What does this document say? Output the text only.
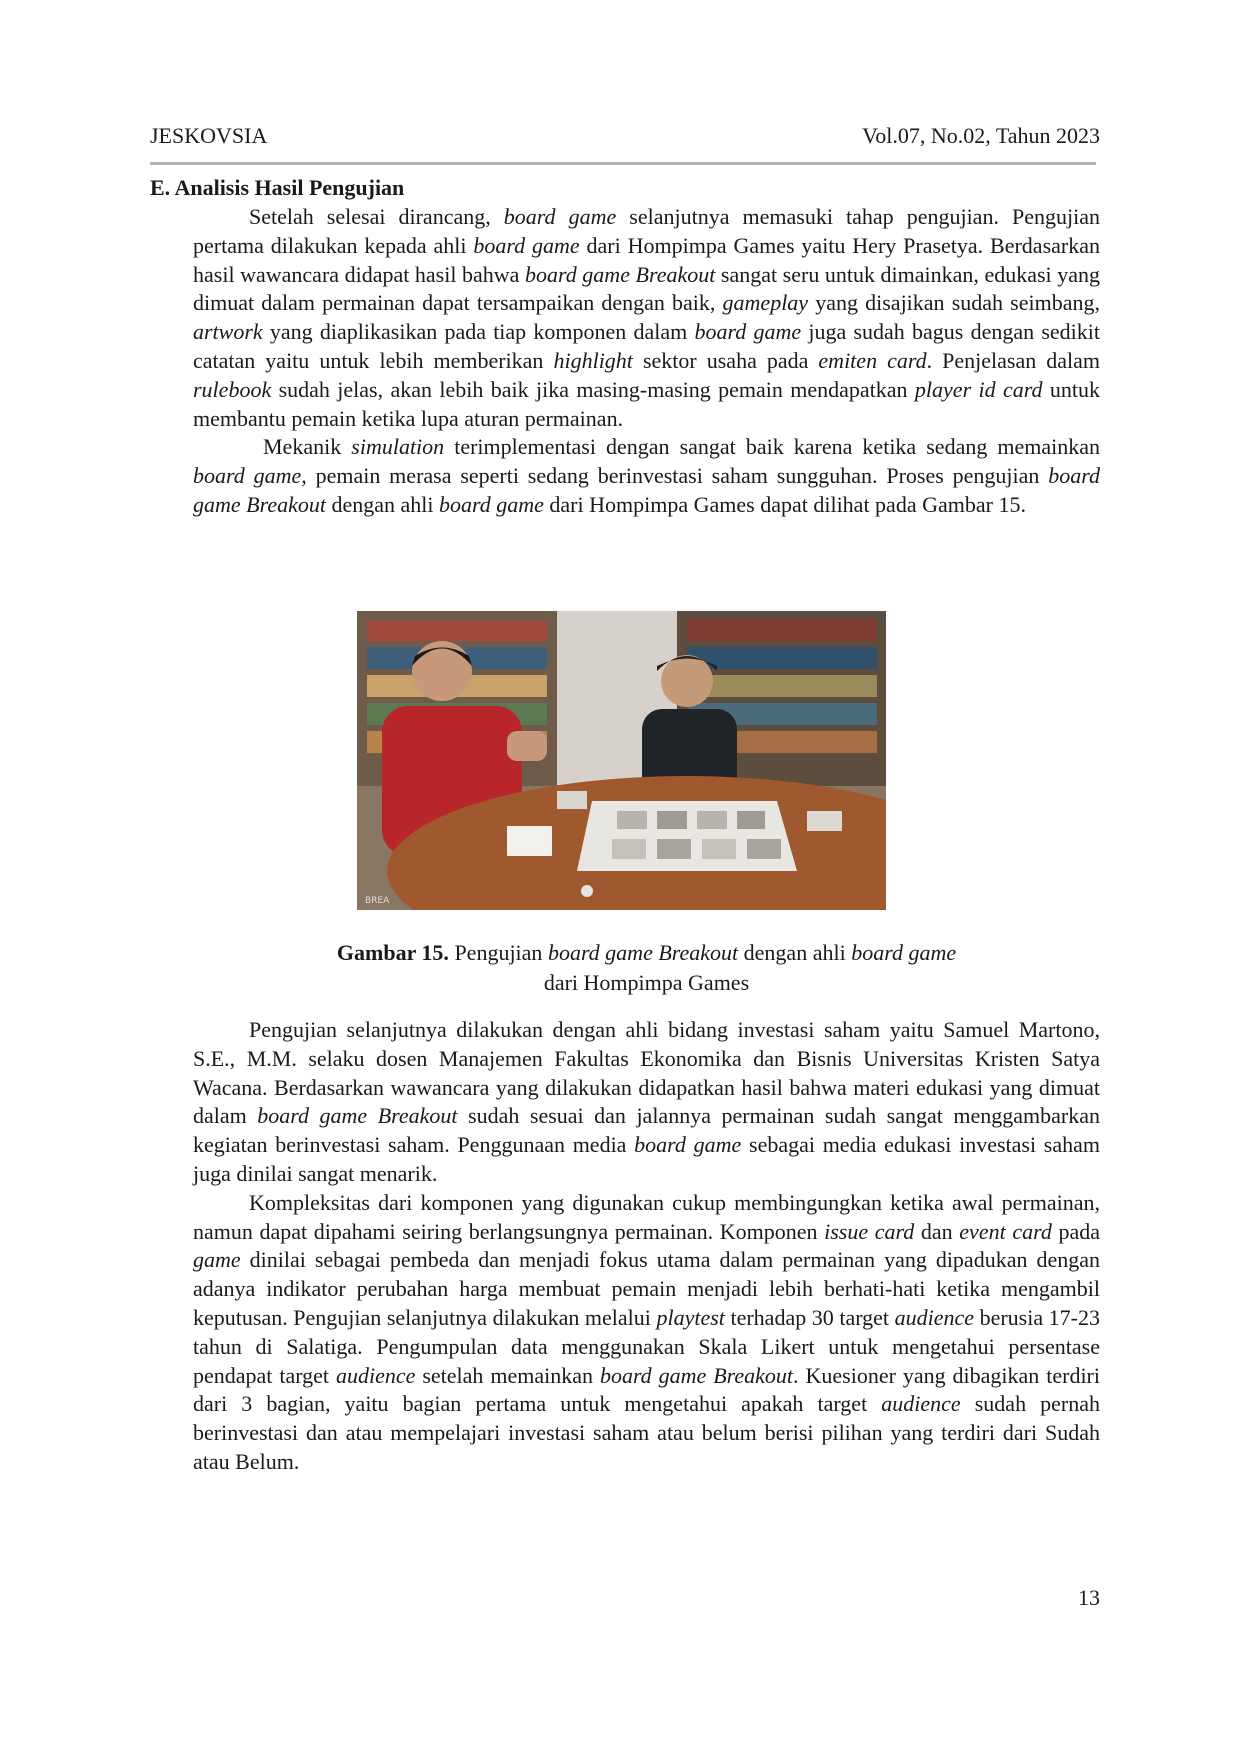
JESKOVSIA	Vol.07, No.02, Tahun 2023
E. Analisis Hasil Pengujian

Setelah selesai dirancang, board game selanjutnya memasuki tahap pengujian. Pengujian pertama dilakukan kepada ahli board game dari Hompimpa Games yaitu Hery Prasetya. Berdasarkan hasil wawancara didapat hasil bahwa board game Breakout sangat seru untuk dimainkan, edukasi yang dimuat dalam permainan dapat tersampaikan dengan baik, gameplay yang disajikan sudah seimbang, artwork yang diaplikasikan pada tiap komponen dalam board game juga sudah bagus dengan sedikit catatan yaitu untuk lebih memberikan highlight sektor usaha pada emiten card. Penjelasan dalam rulebook sudah jelas, akan lebih baik jika masing-masing pemain mendapatkan player id card untuk membantu pemain ketika lupa aturan permainan.

Mekanik simulation terimplementasi dengan sangat baik karena ketika sedang memainkan board game, pemain merasa seperti sedang berinvestasi saham sungguhan. Proses pengujian board game Breakout dengan ahli board game dari Hompimpa Games dapat dilihat pada Gambar 15.

BREA
Gambar 15. Pengujian board game Breakout dengan ahli board game
dari Hompimpa Games

Pengujian selanjutnya dilakukan dengan ahli bidang investasi saham yaitu Samuel Martono, S.E., M.M. selaku dosen Manajemen Fakultas Ekonomika dan Bisnis Universitas Kristen Satya Wacana. Berdasarkan wawancara yang dilakukan didapatkan hasil bahwa materi edukasi yang dimuat dalam board game Breakout sudah sesuai dan jalannya permainan sudah sangat menggambarkan kegiatan berinvestasi saham. Penggunaan media board game sebagai media edukasi investasi saham juga dinilai sangat menarik.

Kompleksitas dari komponen yang digunakan cukup membingungkan ketika awal permainan, namun dapat dipahami seiring berlangsungnya permainan. Komponen issue card dan event card pada game dinilai sebagai pembeda dan menjadi fokus utama dalam permainan yang dipadukan dengan adanya indikator perubahan harga membuat pemain menjadi lebih berhati-hati ketika mengambil keputusan. Pengujian selanjutnya dilakukan melalui playtest terhadap 30 target audience berusia 17-23 tahun di Salatiga. Pengumpulan data menggunakan Skala Likert untuk mengetahui persentase pendapat target audience setelah memainkan board game Breakout. Kuesioner yang dibagikan terdiri dari 3 bagian, yaitu bagian pertama untuk mengetahui apakah target audience sudah pernah berinvestasi dan atau mempelajari investasi saham atau belum berisi pilihan yang terdiri dari Sudah atau Belum.

13
